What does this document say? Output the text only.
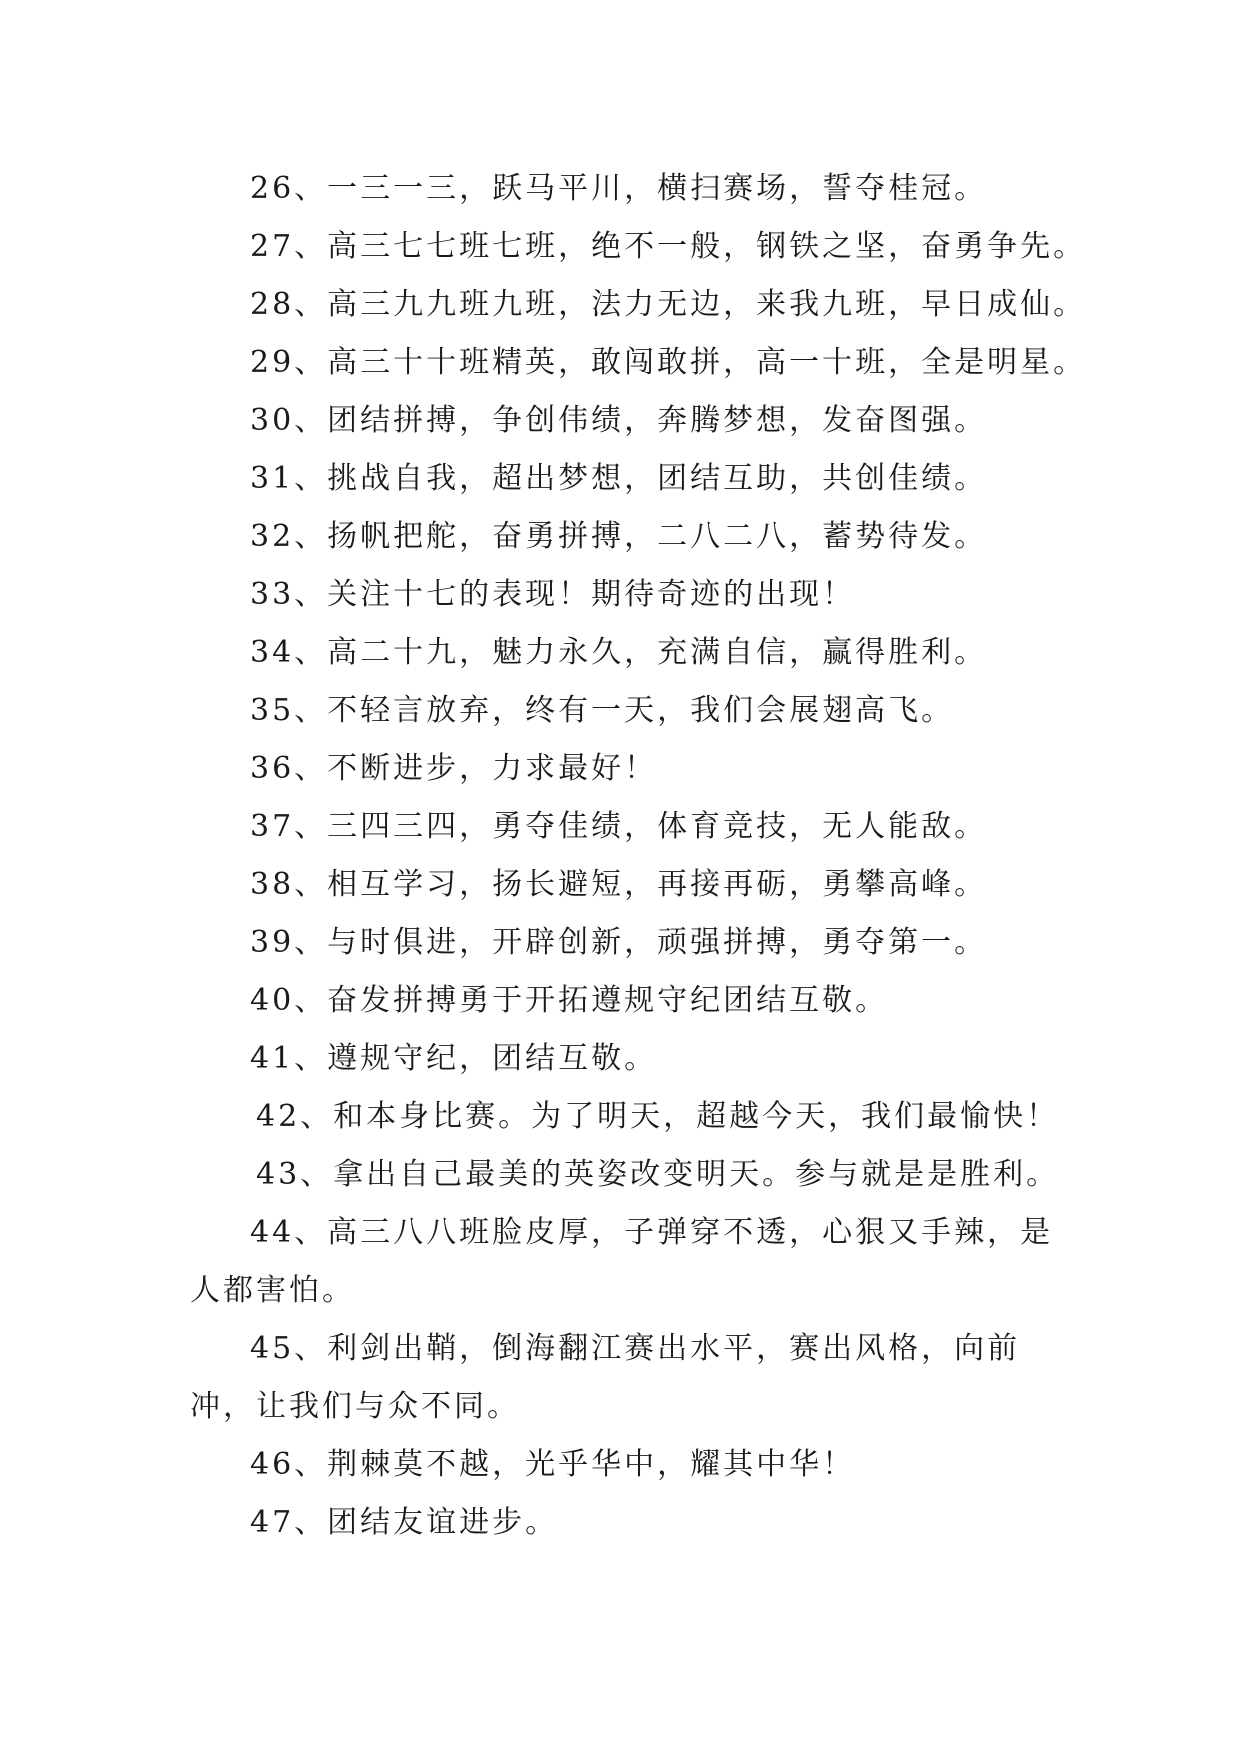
26、一三一三，跃马平川，横扫赛场，誓夺桂冠。
27、高三七七班七班，绝不一般，钢铁之坚，奋勇争先。
28、高三九九班九班，法力无边，来我九班，早日成仙。
29、高三十十班精英，敢闯敢拼，高一十班，全是明星。
30、团结拼搏，争创伟绩，奔腾梦想，发奋图强。
31、挑战自我，超出梦想，团结互助，共创佳绩。
32、扬帆把舵，奋勇拼搏，二八二八，蓄势待发。
33、关注十七的表现！期待奇迹的出现！
34、高二十九，魅力永久，充满自信，赢得胜利。
35、不轻言放弃，终有一天，我们会展翅高飞。
36、不断进步，力求最好！
37、三四三四，勇夺佳绩，体育竞技，无人能敌。
38、相互学习，扬长避短，再接再砺，勇攀高峰。
39、与时俱进，开辟创新，顽强拼搏，勇夺第一。
40、奋发拼搏勇于开拓遵规守纪团结互敬。
41、遵规守纪，团结互敬。
42、和本身比赛。为了明天，超越今天，我们最愉快！
43、拿出自己最美的英姿改变明天。参与就是是胜利。
44、高三八八班脸皮厚，子弹穿不透，心狠又手辣，是人都害怕。
45、利剑出鞘，倒海翻江赛出水平，赛出风格，向前冲，让我们与众不同。
46、荆棘莫不越，光乎华中，耀其中华！
47、团结友谊进步。
